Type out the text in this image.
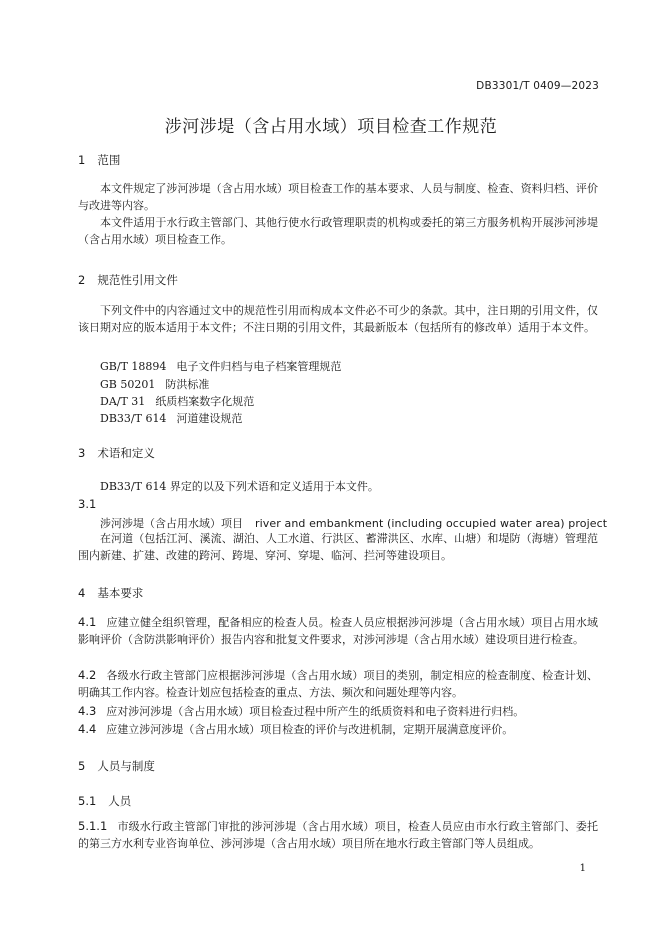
DB3301/T 0409—2023
涉河涉堤（含占用水域）项目检查工作规范
1 范围

本文件规定了涉河涉堤（含占用水域）项目检查工作的基本要求、人员与制度、检查、资料归档、评价与改进等内容。

本文件适用于水行政主管部门、其他行使水行政管理职责的机构或委托的第三方服务机构开展涉河涉堤（含占用水域）项目检查工作。

2 规范性引用文件

下列文件中的内容通过文中的规范性引用而构成本文件必不可少的条款。其中，注日期的引用文件，仅该日期对应的版本适用于本文件；不注日期的引用文件，其最新版本（包括所有的修改单）适用于本文件。

GB/T 18894 电子文件归档与电子档案管理规范
GB 50201 防洪标准
DA/T 31 纸质档案数字化规范
DB33/T 614 河道建设规范
3 术语和定义

DB33/T 614 界定的以及下列术语和定义适用于本文件。

3.1
涉河涉堤（含占用水域）项目 river and embankment (including occupied water area) project

在河道（包括江河、溪流、湖泊、人工水道、行洪区、蓄滞洪区、水库、山塘）和堤防（海塘）管理范围内新建、扩建、改建的跨河、跨堤、穿河、穿堤、临河、拦河等建设项目。

4 基本要求

4.1 应建立健全组织管理，配备相应的检查人员。检查人员应根据涉河涉堤（含占用水域）项目占用水域影响评价（含防洪影响评价）报告内容和批复文件要求，对涉河涉堤（含占用水域）建设项目进行检查。

4.2 各级水行政主管部门应根据涉河涉堤（含占用水域）项目的类别，制定相应的检查制度、检查计划、明确其工作内容。检查计划应包括检查的重点、方法、频次和问题处理等内容。

4.3 应对涉河涉堤（含占用水域）项目检查过程中所产生的纸质资料和电子资料进行归档。

4.4 应建立涉河涉堤（含占用水域）项目检查的评价与改进机制，定期开展满意度评价。

5 人员与制度
5.1 人员

5.1.1 市级水行政主管部门审批的涉河涉堤（含占用水域）项目，检查人员应由市水行政主管部门、委托的第三方水利专业咨询单位、涉河涉堤（含占用水域）项目所在地水行政主管部门等人员组成。

1
